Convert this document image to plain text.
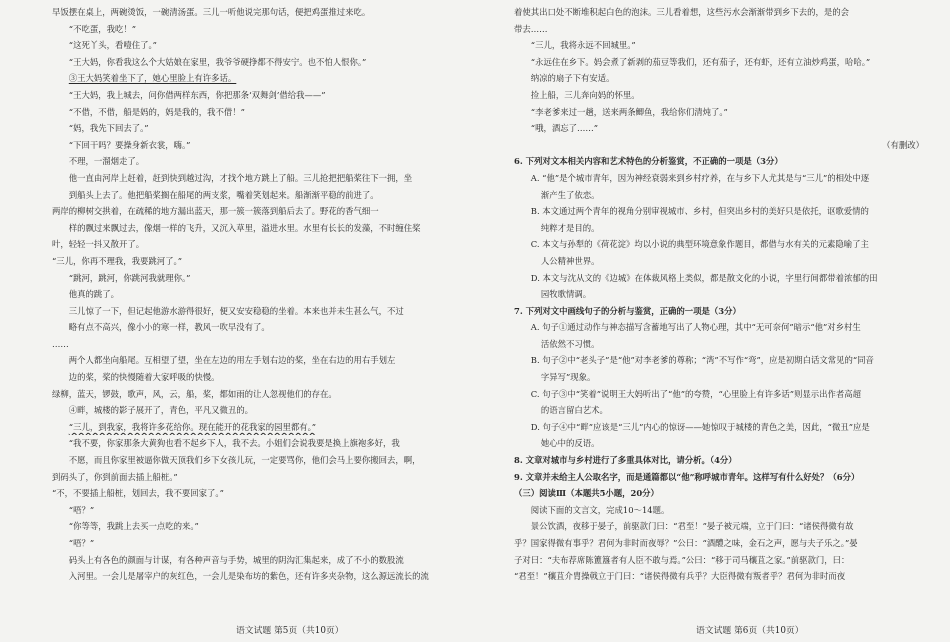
早饭摆在桌上，两碗烫饭，一碗清汤蛋。三儿一听他说完那句话，便把鸡蛋推过来吃。

“不吃蛋，我吃！”

“这死丫头，看噎住了。”

“王大妈，你看我这么个大姑娘在家里，我爷爷硬挣都不得安宁。也不怕人恨你。”

③王大妈笑着坐下了，她心里脸上有许多话。

“王大妈，我上城去，问你借两样东西，你把那条‘双舞剑’借给我——”

“不借，不借，船是妈的，妈是我的，我不借！”

“妈，我先下回去了。”

“下回干吗？要操身新衣裳，嗨。”

不理，一溜烟走了。

他一直由河岸上赶着，赶到快到越过沟，才找个地方跳上了船。三儿抢把把船桨往下一拥，坐

到船头上去了。他把船桨搁在船尾的两支浆，嘴着笑划起来。船渐渐平稳的前进了。

两岸的柳树交拱着，在疏稀的地方漏出蓝天，那一簇一簇落到船后去了。野花的香气细一

样的飘过来飘过去，像烟一样的飞升，又沉入草里，溢进水里。水里有长长的发藻，不时缠住桨

叶，轻轻一抖又散开了。

“三儿，你再不理我，我要跳河了。”

“跳河，跳河，你跳河我就理你。”

他真的跳了。

三儿惊了一下，但记起他游水游得很好，便又安安稳稳的坐着。本来也并未生甚么气，不过

略有点不高兴，像小小的寒一样，教风一吹早没有了。

……

两个人都坐向船尾。互相望了望，坐在左边的用左手划右边的桨，坐在右边的用右手划左

边的桨，桨的快慢随着大家呼吸的快慢。

绿柳，蓝天，锣鼓，歌声，风，云，船，桨，都如雨的让人忽视他们的存在。

④畔，城楼的影子展开了，青色，平凡又微丑的。

“三儿，到我家，我将许多花给你。现在能开的花我家的园里都有。”

“我不要，你家那条大黄狗也看不起乡下人，我不去。小姐们会说我要是换上旗袍多好，我

不愿，而且你家里被逼你做天顶我们乡下女孩儿玩，一定要骂你，他们会马上要你搬回去，啊，

到码头了，你到前面去插上船桩。”

“不，不要插上船桩，划回去，我不要回家了。”

“唔？”

“你等等，我跳上去买一点吃的来。”

“唔？”

码头上有各色的颜面与计谋，有各种声音与手势，城里的阴沟汇集起来，成了不小的数股流

入河里。一会儿是屠宰户的灰红色，一会儿是染布坊的紫色，还有许多夹杂物，这么源远流长的流

着使其出口处不断堆积起白色的泡沫。三儿看着想，这些污水会渐渐带到乡下去的，是的会

带去……

“三儿，我将永远不回城里。”

“永远住在乡下。妈会煮了新剥的茄豆等我们，还有茄子，还有虾，还有立油炒鸡蛋，哈哈。”

纳凉的扇子下有安适。

捡上船，三儿奔向妈的怀里。

“李老爹来过一趟，送来两条鲫鱼，我给你们清炖了。”

“哦，酒忘了……”

（有删改）

6. 下列对文本相关内容和艺术特色的分析鉴赏，不正确的一项是（3分）

A. “他”是个城市青年，因为神经衰弱来到乡村疗养，在与乡下人尤其是与“三儿”的相处中逐

渐产生了依恋。

B. 本文通过两个青年的视角分别审视城市、乡村，但突出乡村的美好只是依托，讴歌爱情的

纯粹才是目的。

C. 本文与孙犁的《荷花淀》均以小说的典型环境意象作题目，都借与水有关的元素隐喻了主

人公精神世界。

D. 本文与沈从文的《边城》在体裁风格上类似，都是散文化的小说，字里行间都带着浓郁的田

园牧歌情调。

7. 下列对文中画线句子的分析与鉴赏，正确的一项是（3分）

A. 句子①通过动作与神态描写含蓄地写出了人物心理，其中“无可奈何”暗示“他”对乡村生

活依然不习惯。

B. 句子②中“老头子”是“他”对李老爹的尊称；“湾”不写作“弯”，应是初期白话文常见的“同音

字异写”现象。

C. 句子③中“笑着”说明王大妈听出了“他”的夸赞，“心里脸上有许多话”则显示出作者高超

的语言留白艺术。

D. 句子④中“畔”应该是“三儿”内心的惊讶——她惊叹于城楼的青色之美，因此，“微丑”应是

她心中的反语。

8. 文章对城市与乡村进行了多重具体对比，请分析。（4分）

9. 文章并未给主人公取名字，而是通篇都以“他”称呼城市青年。这样写有什么好处？（6分）

（三）阅读Ⅲ（本题共5小题，20分）

阅读下面的文言文，完成10～14题。

景公饮酒，夜移于晏子，前驱款门曰：“君至！”晏子被元端，立于门曰：“诸侯得微有故

乎？国家得微有事乎？君何为非时而夜辱？”公曰：“酒醴之味，金石之声，愿与夫子乐之。”晏

子对曰：“夫布荐席陈簠簋者有人臣不敢与焉。”公曰：“移于司马穰苴之家。”前驱款门，曰：

“君至！”穰苴介胄操戟立于门曰：“诸侯得微有兵乎？大臣得微有叛者乎？君何为非时而夜

语文试题 第5页（共10页）	语文试题 第6页（共10页）
